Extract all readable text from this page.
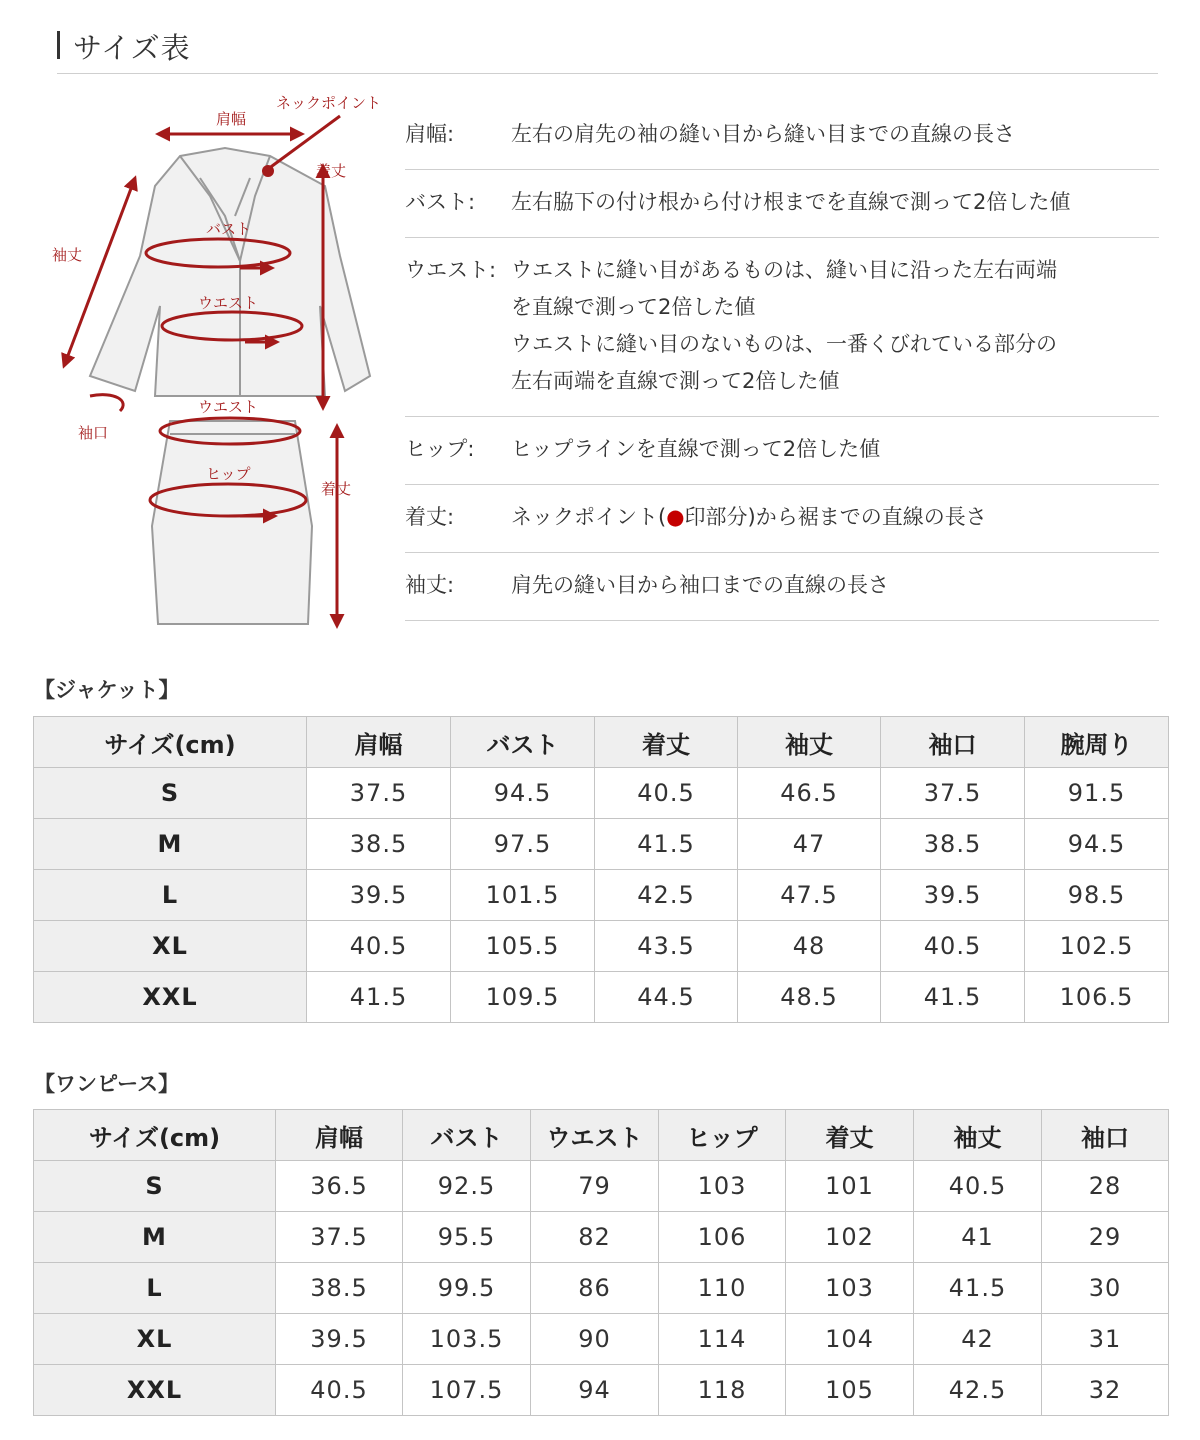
サイズ表
肩幅
ネックポイント
着丈
袖丈
バスト
ウエスト
ウエスト
袖口
ヒップ
着丈
肩幅:	左右の肩先の袖の縫い目から縫い目までの直線の長さ
バスト:	左右脇下の付け根から付け根までを直線で測って2倍した値
ウエスト: ウエストに縫い目があるものは、縫い目に沿った左右両端
を直線で測って2倍した値
ウエストに縫い目のないものは、一番くびれている部分の
左右両端を直線で測って2倍した値
ヒップ:	ヒップラインを直線で測って2倍した値
着丈:	ネックポイント(●印部分)から裾までの直線の長さ
袖丈:	肩先の縫い目から袖口までの直線の長さ
【ジャケット】
サイズ(cm)	肩幅	バスト	着丈	袖丈	袖口	腕周り
S	37.5	94.5	40.5	46.5	37.5	91.5
M	38.5	97.5	41.5	47	38.5	94.5
L	39.5	101.5	42.5	47.5	39.5	98.5
XL	40.5	105.5	43.5	48	40.5	102.5
XXL	41.5	109.5	44.5	48.5	41.5	106.5
【ワンピース】
サイズ(cm)	肩幅	バスト	ウエスト	ヒップ	着丈	袖丈	袖口
S	36.5	92.5	79	103	101	40.5	28
M	37.5	95.5	82	106	102	41	29
L	38.5	99.5	86	110	103	41.5	30
XL	39.5	103.5	90	114	104	42	31
XXL	40.5	107.5	94	118	105	42.5	32
